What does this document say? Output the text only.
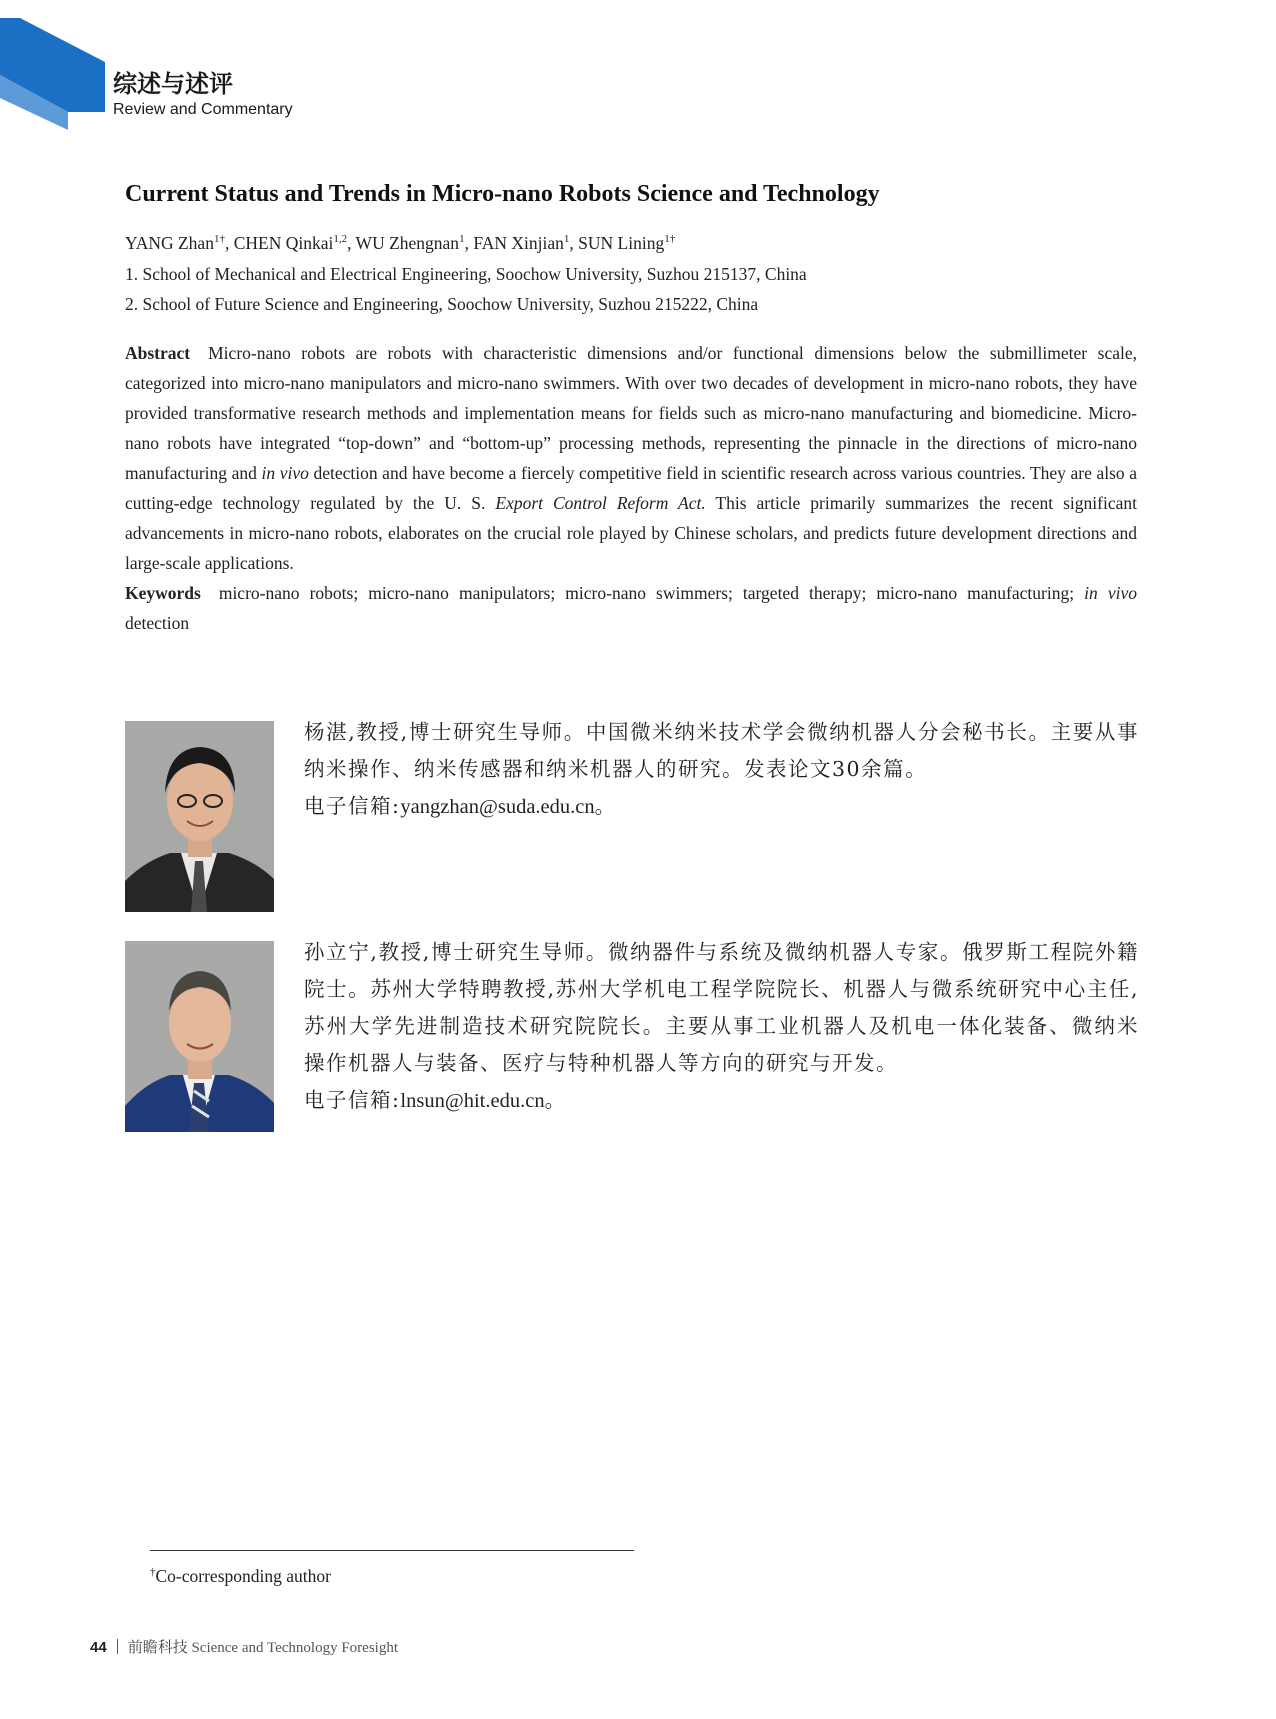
综述与述评
Review and Commentary
Current Status and Trends in Micro-nano Robots Science and Technology
YANG Zhan$^{1\dagger}$, CHEN Qinkai$^{1,2}$, WU Zhengnan$^1$, FAN Xinjian$^1$, SUN Lining$^{1\dagger}$
1. School of Mechanical and Electrical Engineering, Soochow University, Suzhou 215137, China
2. School of Future Science and Engineering, Soochow University, Suzhou 215222, China
Abstract Micro-nano robots are robots with characteristic dimensions and/or functional dimensions below the submillimeter scale, categorized into micro-nano manipulators and micro-nano swimmers. With over two decades of development in micro-nano robots, they have provided transformative research methods and implementation means for fields such as micro-nano manufacturing and biomedicine. Micro-nano robots have integrated “top-down” and “bottom-up” processing methods, representing the pinnacle in the directions of micro-nano manufacturing and in vivo detection and have become a fiercely competitive field in scientific research across various countries. They are also a cutting-edge technology regulated by the U. S. Export Control Reform Act. This article primarily summarizes the recent significant advancements in micro-nano robots, elaborates on the crucial role played by Chinese scholars, and predicts future development directions and large-scale applications.
Keywords micro-nano robots; micro-nano manipulators; micro-nano swimmers; targeted therapy; micro-nano manufacturing; in vivo detection
杨湛,教授,博士研究生导师。中国微米纳米技术学会微纳机器人分会秘书长。主要从事纳米操作、纳米传感器和纳米机器人的研究。发表论文30余篇。
电子信箱:yangzhan@suda.edu.cn。
孙立宁,教授,博士研究生导师。微纳器件与系统及微纳机器人专家。俄罗斯工程院外籍院士。苏州大学特聘教授,苏州大学机电工程学院院长、机器人与微系统研究中心主任,苏州大学先进制造技术研究院院长。主要从事工业机器人及机电一体化装备、微纳米操作机器人与装备、医疗与特种机器人等方向的研究与开发。
电子信箱:lnsun@hit.edu.cn。
†Co-corresponding author
44 前瞻科技 Science and Technology Foresight
